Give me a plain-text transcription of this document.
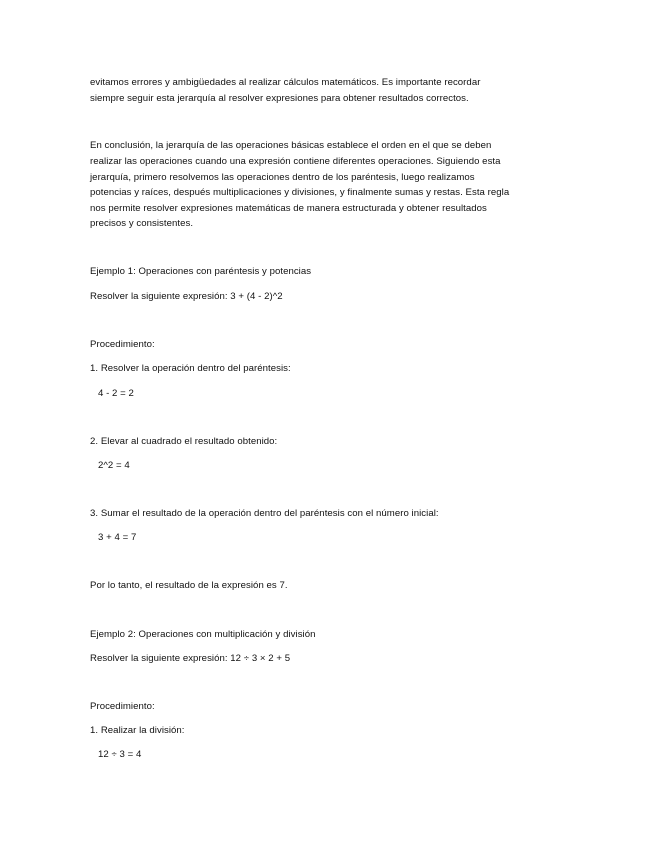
evitamos errores y ambigüedades al realizar cálculos matemáticos. Es importante recordar

siempre seguir esta jerarquía al resolver expresiones para obtener resultados correctos.

En conclusión, la jerarquía de las operaciones básicas establece el orden en el que se deben

realizar las operaciones cuando una expresión contiene diferentes operaciones. Siguiendo esta

jerarquía, primero resolvemos las operaciones dentro de los paréntesis, luego realizamos

potencias y raíces, después multiplicaciones y divisiones, y finalmente sumas y restas. Esta regla

nos permite resolver expresiones matemáticas de manera estructurada y obtener resultados

precisos y consistentes.

Ejemplo 1: Operaciones con paréntesis y potencias

Resolver la siguiente expresión: 3 + (4 - 2)^2

Procedimiento:

1. Resolver la operación dentro del paréntesis:

4 - 2 = 2

2. Elevar al cuadrado el resultado obtenido:

2^2 = 4

3. Sumar el resultado de la operación dentro del paréntesis con el número inicial:

3 + 4 = 7

Por lo tanto, el resultado de la expresión es 7.

Ejemplo 2: Operaciones con multiplicación y división

Resolver la siguiente expresión: 12 ÷ 3 × 2 + 5

Procedimiento:

1. Realizar la división:

12 ÷ 3 = 4
